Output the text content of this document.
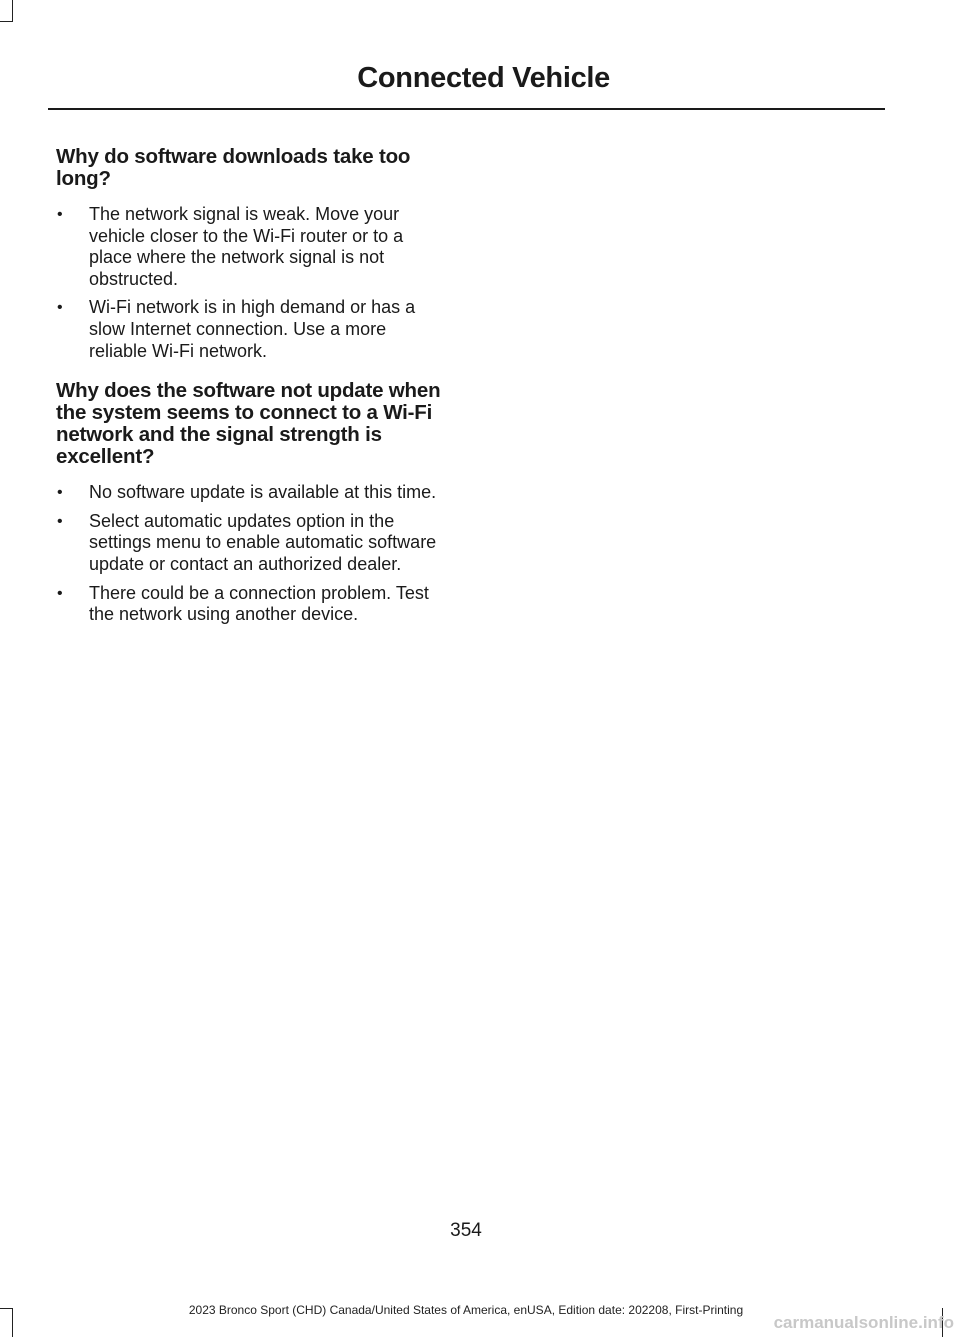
Connected Vehicle
Why do software downloads take too long?
• The network signal is weak. Move your vehicle closer to the Wi-Fi router or to a place where the network signal is not obstructed.
• Wi-Fi network is in high demand or has a slow Internet connection. Use a more reliable Wi-Fi network.
Why does the software not update when the system seems to connect to a Wi-Fi network and the signal strength is excellent?
• No software update is available at this time.
• Select automatic updates option in the settings menu to enable automatic software update or contact an authorized dealer.
• There could be a connection problem. Test the network using another device.
354
2023 Bronco Sport (CHD) Canada/United States of America, enUSA, Edition date: 202208, First-Printing
carmanualsonline.info
